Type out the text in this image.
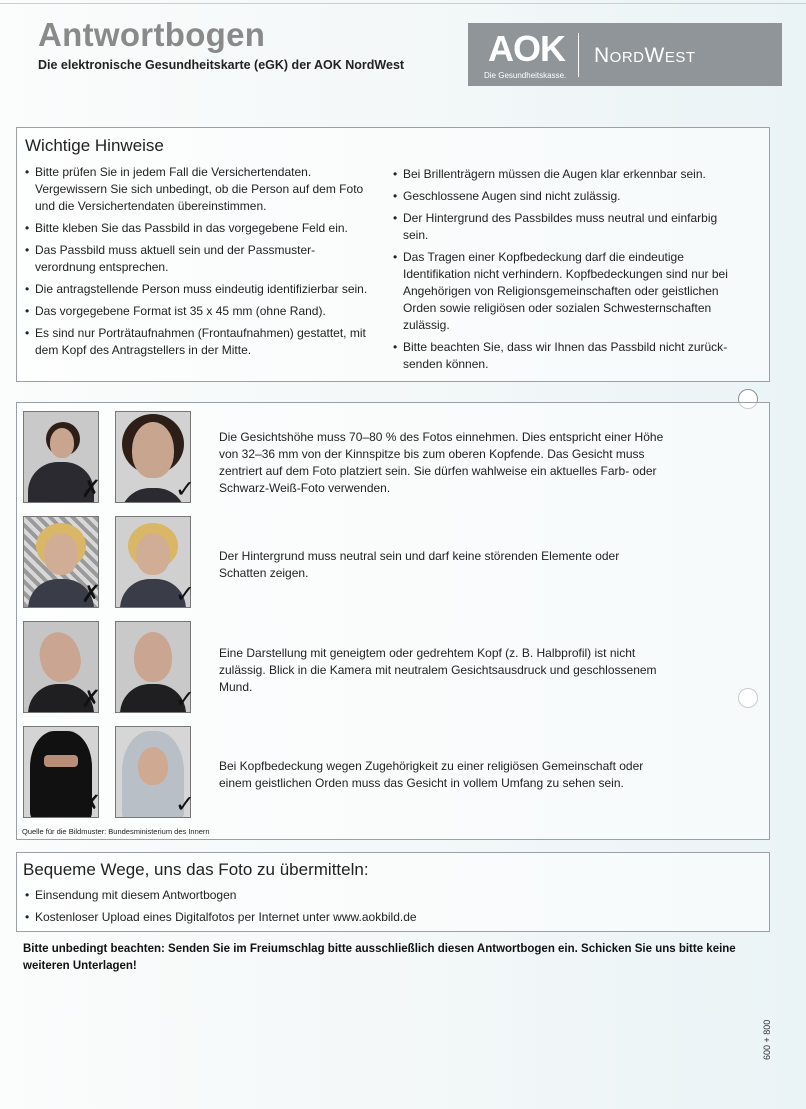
Antwortbogen
Die elektronische Gesundheitskarte (eGK) der AOK NordWest AOK
Die Gesundheitskasse.
NordWest
Wichtige Hinweise
• Bitte prüfen Sie in jedem Fall die Versichertendaten. Vergewissern Sie sich unbedingt, ob die Person auf dem Foto und die Versichertendaten übereinstimmen.
• Bitte kleben Sie das Passbild in das vorgegebene Feld ein.
• Das Passbild muss aktuell sein und der Passmusterverordnung entsprechen.
• Die antragstellende Person muss eindeutig identifizierbar sein.
• Das vorgegebene Format ist 35 x 45 mm (ohne Rand).
• Es sind nur Porträtaufnahmen (Frontaufnahmen) gestattet, mit dem Kopf des Antragstellers in der Mitte.
• Bei Brillenträgern müssen die Augen klar erkennbar sein.
• Geschlossene Augen sind nicht zulässig.
• Der Hintergrund des Passbildes muss neutral und einfarbig sein.
• Das Tragen einer Kopfbedeckung darf die eindeutige Identifikation nicht verhindern. Kopfbedeckungen sind nur bei Angehörigen von Religionsgemeinschaften oder geistlichen Orden sowie religiösen oder sozialen Schwesternschaften zulässig.
• Bitte beachten Sie, dass wir Ihnen das Passbild nicht zurücksenden können.
✗	✓
Die Gesichtshöhe muss 70–80 % des Fotos einnehmen. Dies entspricht einer Höhe von 32–36 mm von der Kinnspitze bis zum oberen Kopfende. Das Gesicht muss zentriert auf dem Foto platziert sein. Sie dürfen wahlweise ein aktuelles Farb- oder Schwarz-Weiß-Foto verwenden.
✗	✓
Der Hintergrund muss neutral sein und darf keine störenden Elemente oder Schatten zeigen.
✗	✓
Eine Darstellung mit geneigtem oder gedrehtem Kopf (z. B. Halbprofil) ist nicht zulässig. Blick in die Kamera mit neutralem Gesichtsausdruck und geschlossenem Mund.
✗	✓
Bei Kopfbedeckung wegen Zugehörigkeit zu einer religiösen Gemeinschaft oder einem geistlichen Orden muss das Gesicht in vollem Umfang zu sehen sein.
Quelle für die Bildmuster: Bundesministerium des Innern
Bequeme Wege, uns das Foto zu übermitteln:
• Einsendung mit diesem Antwortbogen
• Kostenloser Upload eines Digitalfotos per Internet unter www.aokbild.de
Bitte unbedingt beachten: Senden Sie im Freiumschlag bitte ausschließlich diesen Antwortbogen ein. Schicken Sie uns bitte keine weiteren Unterlagen!
600 + 800
